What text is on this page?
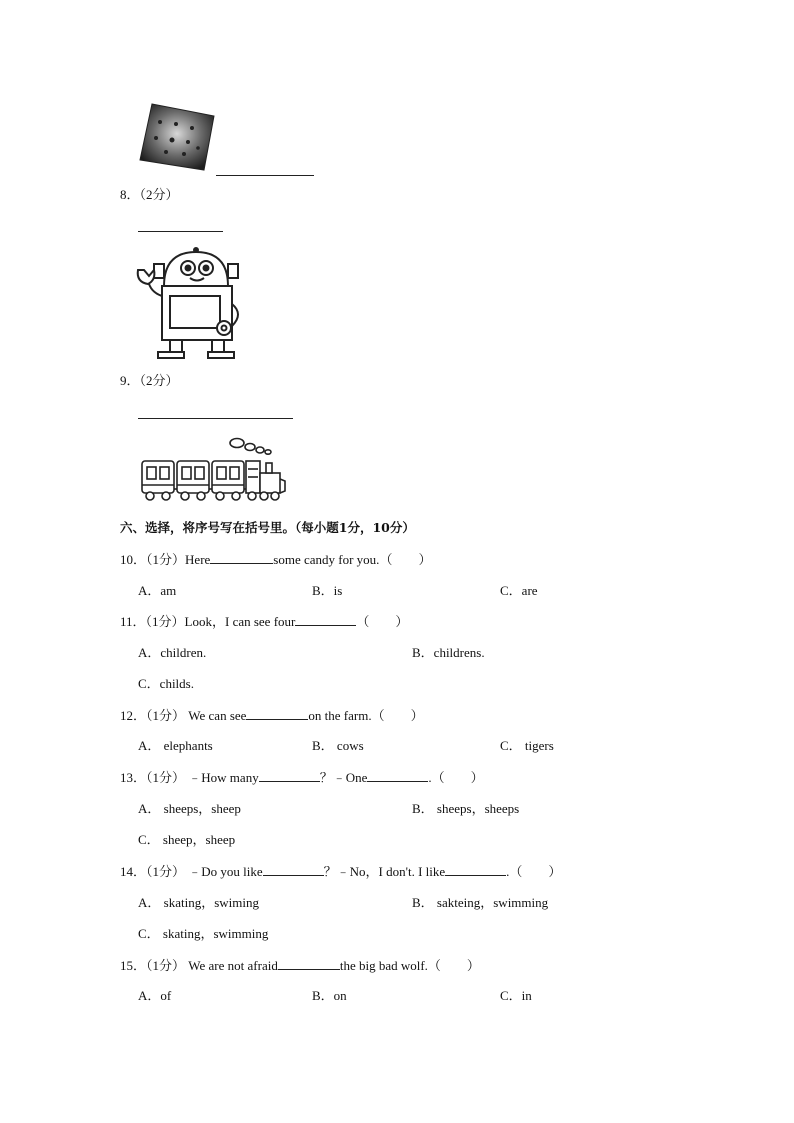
8．（2分）
9．（2分）
六、选择，将序号写在括号里。（每小题1分，10分）
10．（1分）Here	some candy for you.（　　）
A．am	B．is	C．are
11．（1分）Look，I can see four	（　　）
A．children.	B．childrens.
C．childs.
12．（1分） We can see	on the farm.（　　）
A． elephants	B． cows	C． tigers
13．（1分） ﹣How many	？﹣One	.（　　）
A． sheeps，sheep	B． sheeps，sheeps
C． sheep，sheep
14．（1分） ﹣Do you like	？﹣No，I don't. I like	.（　　）
A． skating，swiming	B． sakteing，swimming
C． skating，swimming
15．（1分） We are not afraid	the big bad wolf.（　　）
A．of	B．on	C．in
